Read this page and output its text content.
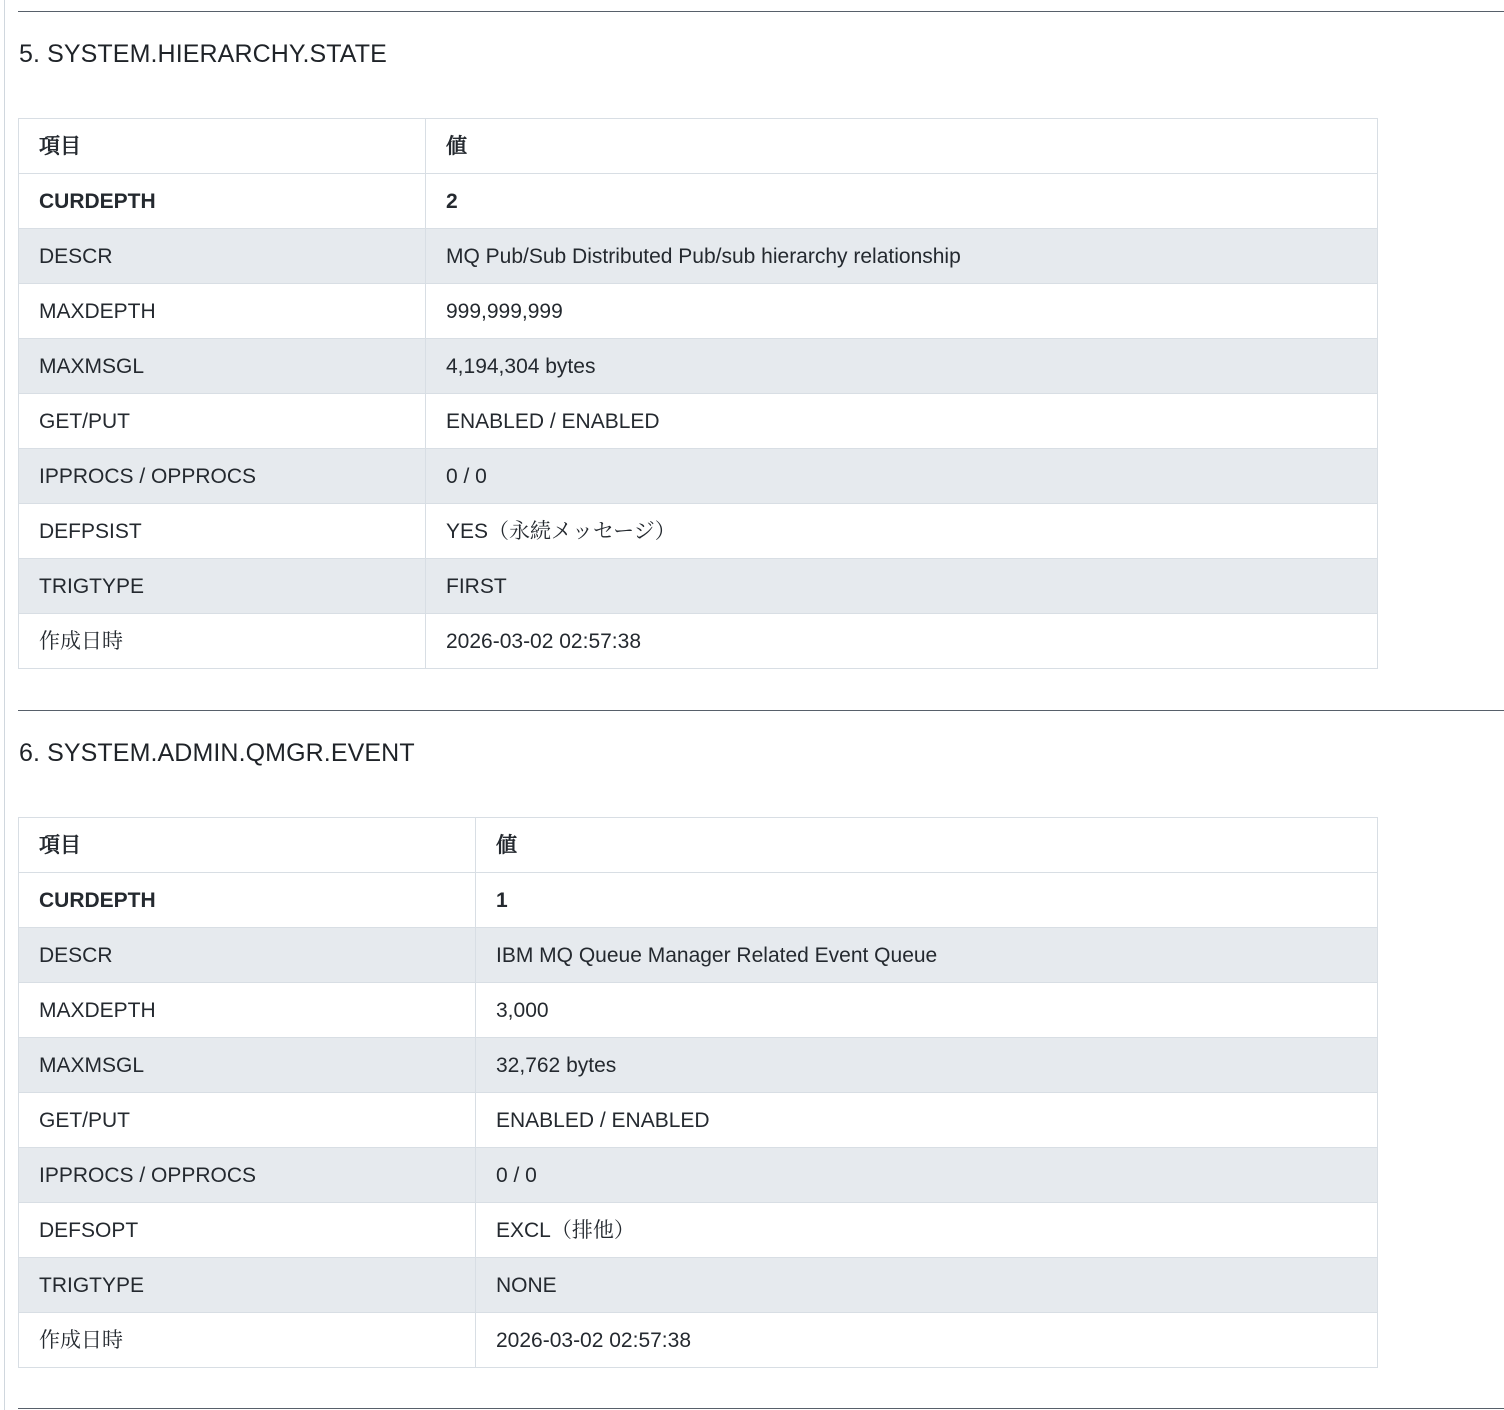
5. SYSTEM.HIERARCHY.STATE
項目	値
CURDEPTH	2
DESCR	MQ Pub/Sub Distributed Pub/sub hierarchy relationship
MAXDEPTH	999,999,999
MAXMSGL	4,194,304 bytes
GET/PUT	ENABLED / ENABLED
IPPROCS / OPPROCS	0 / 0
DEFPSIST	YES（永続メッセージ）
TRIGTYPE	FIRST
作成日時	2026-03-02 02:57:38
6. SYSTEM.ADMIN.QMGR.EVENT
項目	値
CURDEPTH	1
DESCR	IBM MQ Queue Manager Related Event Queue
MAXDEPTH	3,000
MAXMSGL	32,762 bytes
GET/PUT	ENABLED / ENABLED
IPPROCS / OPPROCS	0 / 0
DEFSOPT	EXCL（排他）
TRIGTYPE	NONE
作成日時	2026-03-02 02:57:38
